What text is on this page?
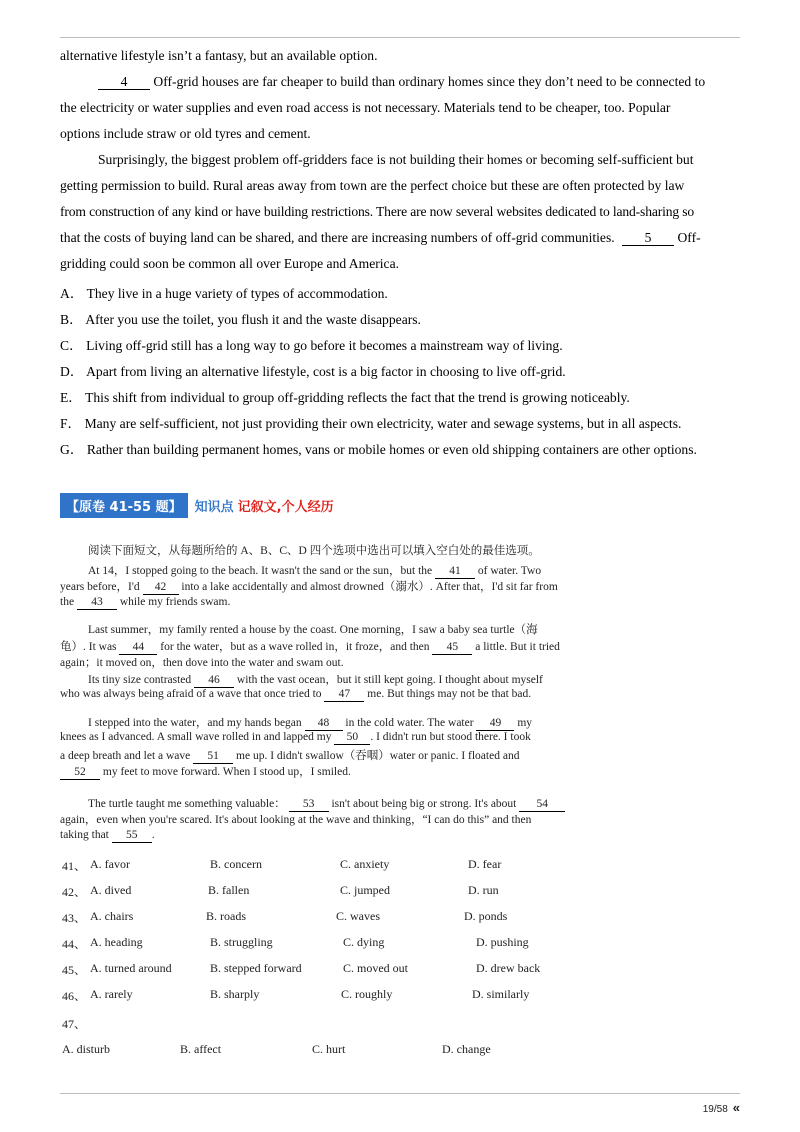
alternative lifestyle isn’t a fantasy, but an available option.
4 Off-grid houses are far cheaper to build than ordinary homes since they don’t need to be connected to
the electricity or water supplies and even road access is not necessary. Materials tend to be cheaper, too. Popular
options include straw or old tyres and cement.
Surprisingly, the biggest problem off-gridders face is not building their homes or becoming self-sufficient but
getting permission to build. Rural areas away from town are the perfect choice but these are often protected by law
from construction of any kind or have building restrictions. There are now several websites dedicated to land-sharing so
that the costs of buying land can be shared, and there are increasing numbers of off-grid communities. 5 Off-
gridding could soon be common all over Europe and America.
A． They live in a huge variety of types of accommodation.
B． After you use the toilet, you flush it and the waste disappears.
C． Living off-grid still has a long way to go before it becomes a mainstream way of living.
D． Apart from living an alternative lifestyle, cost is a big factor in choosing to live off-grid.
E． This shift from individual to group off-gridding reflects the fact that the trend is growing noticeably.
F． Many are self-sufficient, not just providing their own electricity, water and sewage systems, but in all aspects.
G． Rather than building permanent homes, vans or mobile homes or even old shipping containers are other options.
【原卷 41-55 题】	知识点 记叙文,个人经历
阅读下面短文，从每题所给的 A、B、C、D 四个选项中选出可以填入空白处的最佳选项。
At 14，I stopped going to the beach. It wasn't the sand or the sun，but the 41 of water. Two
years before，I'd 42 into a lake accidentally and almost drowned（溺水）. After that，I'd sit far from
the 43 while my friends swam.
Last summer，my family rented a house by the coast. One morning，I saw a baby sea turtle（海
龟）. It was 44 for the water，but as a wave rolled in，it froze，and then 45 a little. But it tried
again；it moved on，then dove into the water and swam out.
Its tiny size contrasted 46 with the vast ocean，but it still kept going. I thought about myself
who was always being afraid of a wave that once tried to 47 me. But things may not be that bad.
I stepped into the water，and my hands began 48 in the cold water. The water 49 my
knees as I advanced. A small wave rolled in and lapped my 50 . I didn't run but stood there. I took
a deep breath and let a wave 51 me up. I didn't swallow（吞咽）water or panic. I floated and
52 my feet to move forward. When I stood up，I smiled.
The turtle taught me something valuable： 53 isn't about being big or strong. It's about 54
again，even when you're scared. It's about looking at the wave and thinking，“I can do this” and then
taking that 55 .
41、 A. favor	B. concern	C. anxiety	D. fear
42、 A. dived	B. fallen	C. jumped	D. run
43、 A. chairs	B. roads	C. waves	D. ponds
44、 A. heading	B. struggling	C. dying	D. pushing
45、 A. turned around	B. stepped forward	C. moved out	D. drew back
46、 A. rarely	B. sharply	C. roughly	D. similarly
47、
A. disturb	B. affect	C. hurt	D. change
19/58 «
